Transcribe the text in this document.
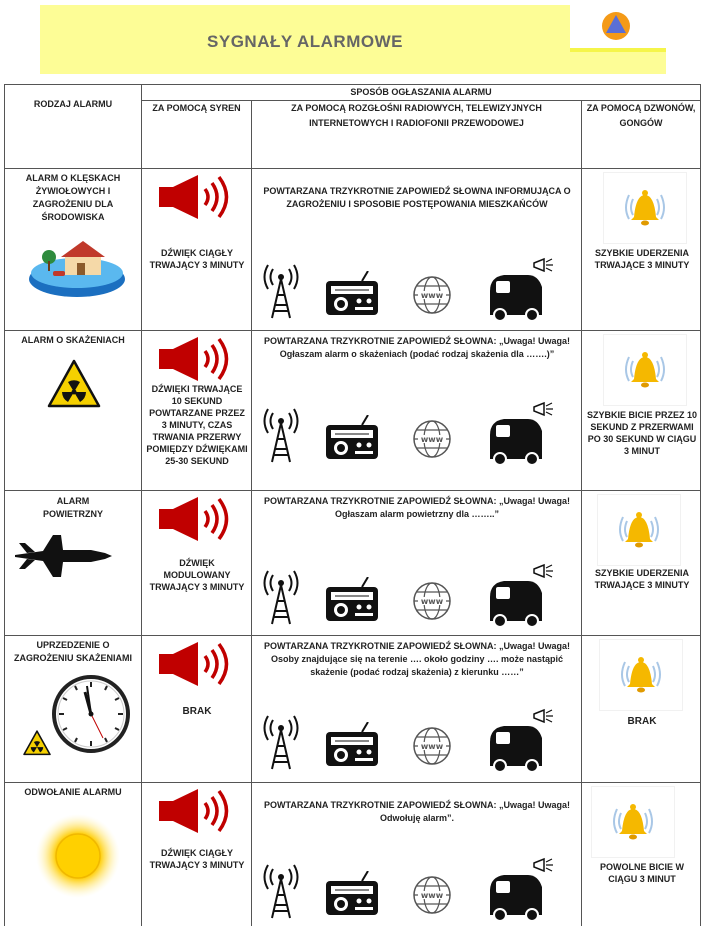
SYGNAŁY ALARMOWE
RODZAJ ALARMU	SPOSÓB OGŁASZANIA ALARMU		
	ZA POMOCĄ SYREN	ZA POMOCĄ ROZGŁOŚNI RADIOWYCH, TELEWIZYJNYCH INTERNETOWYCH I RADIOFONII PRZEWODOWEJ	ZA POMOCĄ DZWONÓW, GONGÓW

ALARM O KLĘSKACH ŻYWIOŁOWYCH I ZAGROŻENIU DLA ŚRODOWISKA	DŹWIĘK CIĄGŁY TRWAJĄCY 3 MINUTY	POWTARZANA TRZYKROTNIE ZAPOWIEDŹ SŁOWNA INFORMUJĄCA O ZAGROŻENIU I SPOSOBIE POSTĘPOWANIA MIESZKAŃCÓW	SZYBKIE UDERZENIA TRWAJĄCE 3 MINUTY

ALARM O SKAŻENIACH	DŹWIĘKI TRWAJĄCE 10 SEKUND POWTARZANE PRZEZ 3 MINUTY, CZAS TRWANIA PRZERWY POMIĘDZY DŹWIĘKAMI 25-30 SEKUND	POWTARZANA TRZYKROTNIE ZAPOWIEDŹ SŁOWNA: „Uwaga! Uwaga! Ogłaszam alarm o skażeniach (podać rodzaj skażenia dla …….)”	SZYBKIE BICIE PRZEZ 10 SEKUND Z PRZERWAMI PO 30 SEKUND W CIĄGU 3 MINUT

ALARM POWIETRZNY	DŹWIĘK MODULOWANY TRWAJĄCY 3 MINUTY	POWTARZANA TRZYKROTNIE ZAPOWIEDŹ SŁOWNA: „Uwaga! Uwaga! Ogłaszam alarm powietrzny dla ……..”	SZYBKIE UDERZENIA TRWAJĄCE 3 MINUTY

UPRZEDZENIE O ZAGROŻENIU SKAŻENIAMI	BRAK	POWTARZANA TRZYKROTNIE ZAPOWIEDŹ SŁOWNA: „Uwaga! Uwaga! Osoby znajdujące się na terenie …. około godziny …. może nastąpić skażenie (podać rodzaj skażenia) z kierunku ……”	BRAK

ODWOŁANIE ALARMU	DŹWIĘK CIĄGŁY TRWAJĄCY 3 MINUTY	POWTARZANA TRZYKROTNIE ZAPOWIEDŹ SŁOWNA: „Uwaga! Uwaga! Odwołuję alarm”.	POWOLNE BICIE W CIĄGU 3 MINUT
